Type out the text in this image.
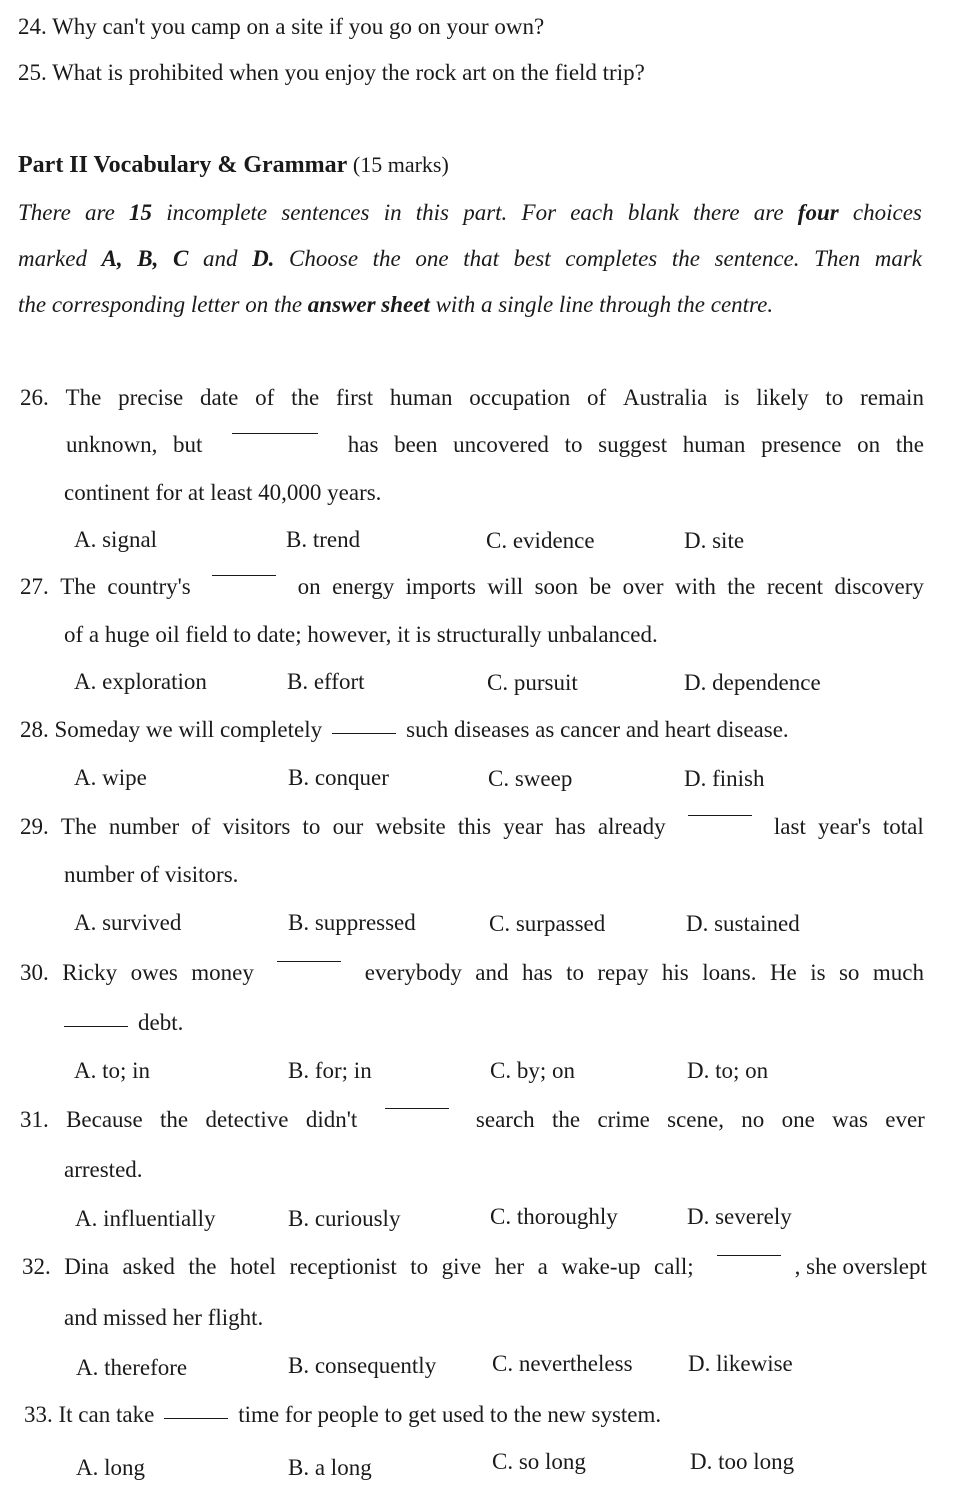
24. Why can't you camp on a site if you go on your own?
25. What is prohibited when you enjoy the rock art on the field trip?
Part II Vocabulary & Grammar (15 marks)
There are 15 incomplete sentences in this part. For each blank there are four choices
marked A, B, C and D. Choose the one that best completes the sentence. Then mark
the corresponding letter on the answer sheet with a single line through the centre.
26. The precise date of the first human occupation of Australia is likely to remain
unknown, but	has been uncovered to suggest human presence on the
continent for at least 40,000 years.
A. signal	B. trend	C. evidence	D. site
27. The country's	on energy imports will soon be over with the recent discovery
of a huge oil field to date; however, it is structurally unbalanced.
A. exploration	B. effort	C. pursuit	D. dependence
28. Someday we will completely	such diseases as cancer and heart disease.
A. wipe	B. conquer	C. sweep	D. finish
29. The number of visitors to our website this year has already	last year's total
number of visitors.
A. survived	B. suppressed	C. surpassed	D. sustained
30. Ricky owes money	everybody and has to repay his loans. He is so much
debt.
A. to; in	B. for; in	C. by; on	D. to; on
31. Because the detective didn't	search the crime scene, no one was ever
arrested.
A. influentially	B. curiously	C. thoroughly	D. severely
32. Dina asked the hotel receptionist to give her a wake-up call;	, she overslept
and missed her flight.
A. therefore	B. consequently C. nevertheless D. likewise
33. It can take	time for people to get used to the new system.
A. long	B. a long	C. so long	D. too long
